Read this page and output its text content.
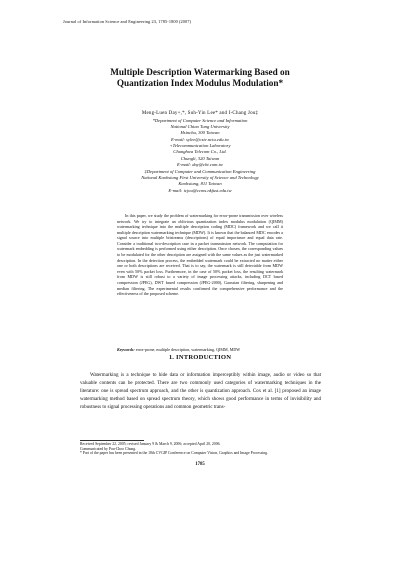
Journal of Information Science and Engineering 23, 1785-1800 (2007)
Multiple Description Watermarking Based on
Quantization Index Modulus Modulation*
Meng-Luen Day+,*, Suh-Yin Lee* and I-Chang Jou‡
*Department of Computer Science and Information
National Chiao Tung University
Hsinchu, 300 Taiwan
E-mail: sylee@csie.nctu.edu.tw
+Telecommunication Laboratory
Chunghwa Telecom Co., Ltd.
Chungli, 320 Taiwan
E-mail: day@cht.com.tw
‡Department of Computer and Communication Engineering
National Kaohsiung First University of Science and Technology
Kaohsiung, 811 Taiwan
E-mail: icjou@ccms.nkfust.edu.tw

In this paper, we study the problem of watermarking for error-prone transmission over wireless network. We try to integrate an oblivious quantization index modulus modulation (QIMM) watermarking technique into the multiple description coding (MDC) framework and we call it multiple description watermarking technique (MDW). It is known that the balanced MDC encodes a signal source into multiple bitstreams (descriptions) of equal importance and equal data rate. Consider a traditional two-description case in a packet transmission network. The computation for watermark embedding is performed using either description. Once chosen, the corresponding values to be modulated for the other description are assigned with the same values as the just watermarked description. In the detection process, the embedded watermark could be extracted no matter either one or both descriptions are received. That is to say, the watermark is still detectable from MDW even with 50% packet loss. Furthermore, in the case of 50% packet loss, the resulting watermark from MDW is still robust to a variety of image processing attacks, including DCT based compression (JPEG), DWT based compression (JPEG-2000), Gaussian filtering, sharpening and median filtering. The experimental results confirmed the comprehensive performance and the effectiveness of the proposed scheme.

Keywords: error-prone, multiple description, watermarking, QIMM, MDW
1. INTRODUCTION

Watermarking is a technique to hide data or information imperceptibly within image, audio or video so that valuable contents can be protected. There are two commonly used categories of watermarking techniques in the literature: one is spread spectrum approach, and the other is quantization approach. Cox et al. [1] proposed an image watermarking method based on spread spectrum theory, which shows good performance in terms of invisibility and robustness to signal processing operations and common geometric trans-

Received September 22, 2005; revised January 9 & March 9, 2006; accepted April 20, 2006.

Communicated by Pau-Choo Chung.

* Part of the paper has been presented in the 18th CVGIP Conference on Computer Vision, Graphics and Image Processing.

1785
